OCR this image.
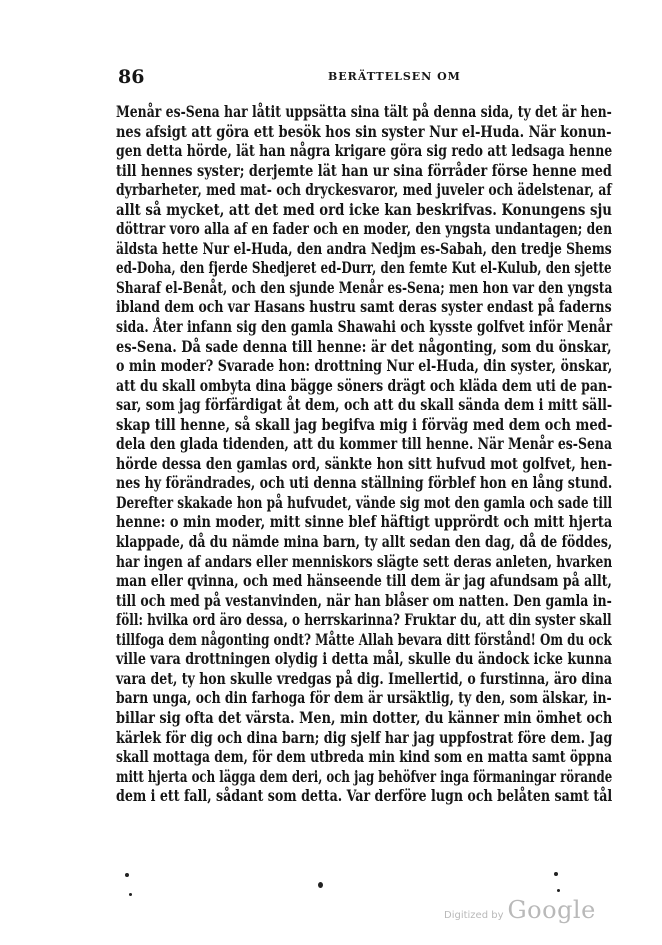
86	BERÄTTELSEN OM
Menår es-Sena har låtit uppsätta sina tält på denna sida, ty det är hen-
nes afsigt att göra ett besök hos sin syster Nur el-Huda. När konun-
gen detta hörde, lät han några krigare göra sig redo att ledsaga henne
till hennes syster; derjemte lät han ur sina förråder förse henne med
dyrbarheter, med mat- och dryckesvaror, med juveler och ädelstenar, af
allt så mycket, att det med ord icke kan beskrifvas. Konungens sju
döttrar voro alla af en fader och en moder, den yngsta undantagen; den
äldsta hette Nur el-Huda, den andra Nedjm es-Sabah, den tredje Shems
ed-Doha, den fjerde Shedjeret ed-Durr, den femte Kut el-Kulub, den sjette
Sharaf el-Benåt, och den sjunde Menår es-Sena; men hon var den yngsta
ibland dem och var Hasans hustru samt deras syster endast på faderns
sida. Åter infann sig den gamla Shawahi och kysste golfvet inför Menår
es-Sena. Då sade denna till henne: är det någonting, som du önskar,
o min moder? Svarade hon: drottning Nur el-Huda, din syster, önskar,
att du skall ombyta dina bägge söners drägt och kläda dem uti de pan-
sar, som jag förfärdigat åt dem, och att du skall sända dem i mitt säll-
skap till henne, så skall jag begifva mig i förväg med dem och med-
dela den glada tidenden, att du kommer till henne. När Menår es-Sena
hörde dessa den gamlas ord, sänkte hon sitt hufvud mot golfvet, hen-
nes hy förändrades, och uti denna ställning förblef hon en lång stund.
Derefter skakade hon på hufvudet, vände sig mot den gamla och sade till
henne: o min moder, mitt sinne blef häftigt upprördt och mitt hjerta
klappade, då du nämde mina barn, ty allt sedan den dag, då de föddes,
har ingen af andars eller menniskors slägte sett deras anleten, hvarken
man eller qvinna, och med hänseende till dem är jag afundsam på allt,
till och med på vestanvinden, när han blåser om natten. Den gamla in-
föll: hvilka ord äro dessa, o herrskarinna? Fruktar du, att din syster skall
tillfoga dem någonting ondt? Måtte Allah bevara ditt förstånd! Om du ock
ville vara drottningen olydig i detta mål, skulle du ändock icke kunna
vara det, ty hon skulle vredgas på dig. Imellertid, o furstinna, äro dina
barn unga, och din farhoga för dem är ursäktlig, ty den, som älskar, in-
billar sig ofta det värsta. Men, min dotter, du känner min ömhet och
kärlek för dig och dina barn; dig sjelf har jag uppfostrat före dem. Jag
skall mottaga dem, för dem utbreda min kind som en matta samt öppna
mitt hjerta och lägga dem deri, och jag behöfver inga förmaningar rörande
dem i ett fall, sådant som detta. Var derföre lugn och belåten samt tål
Digitized by Google
